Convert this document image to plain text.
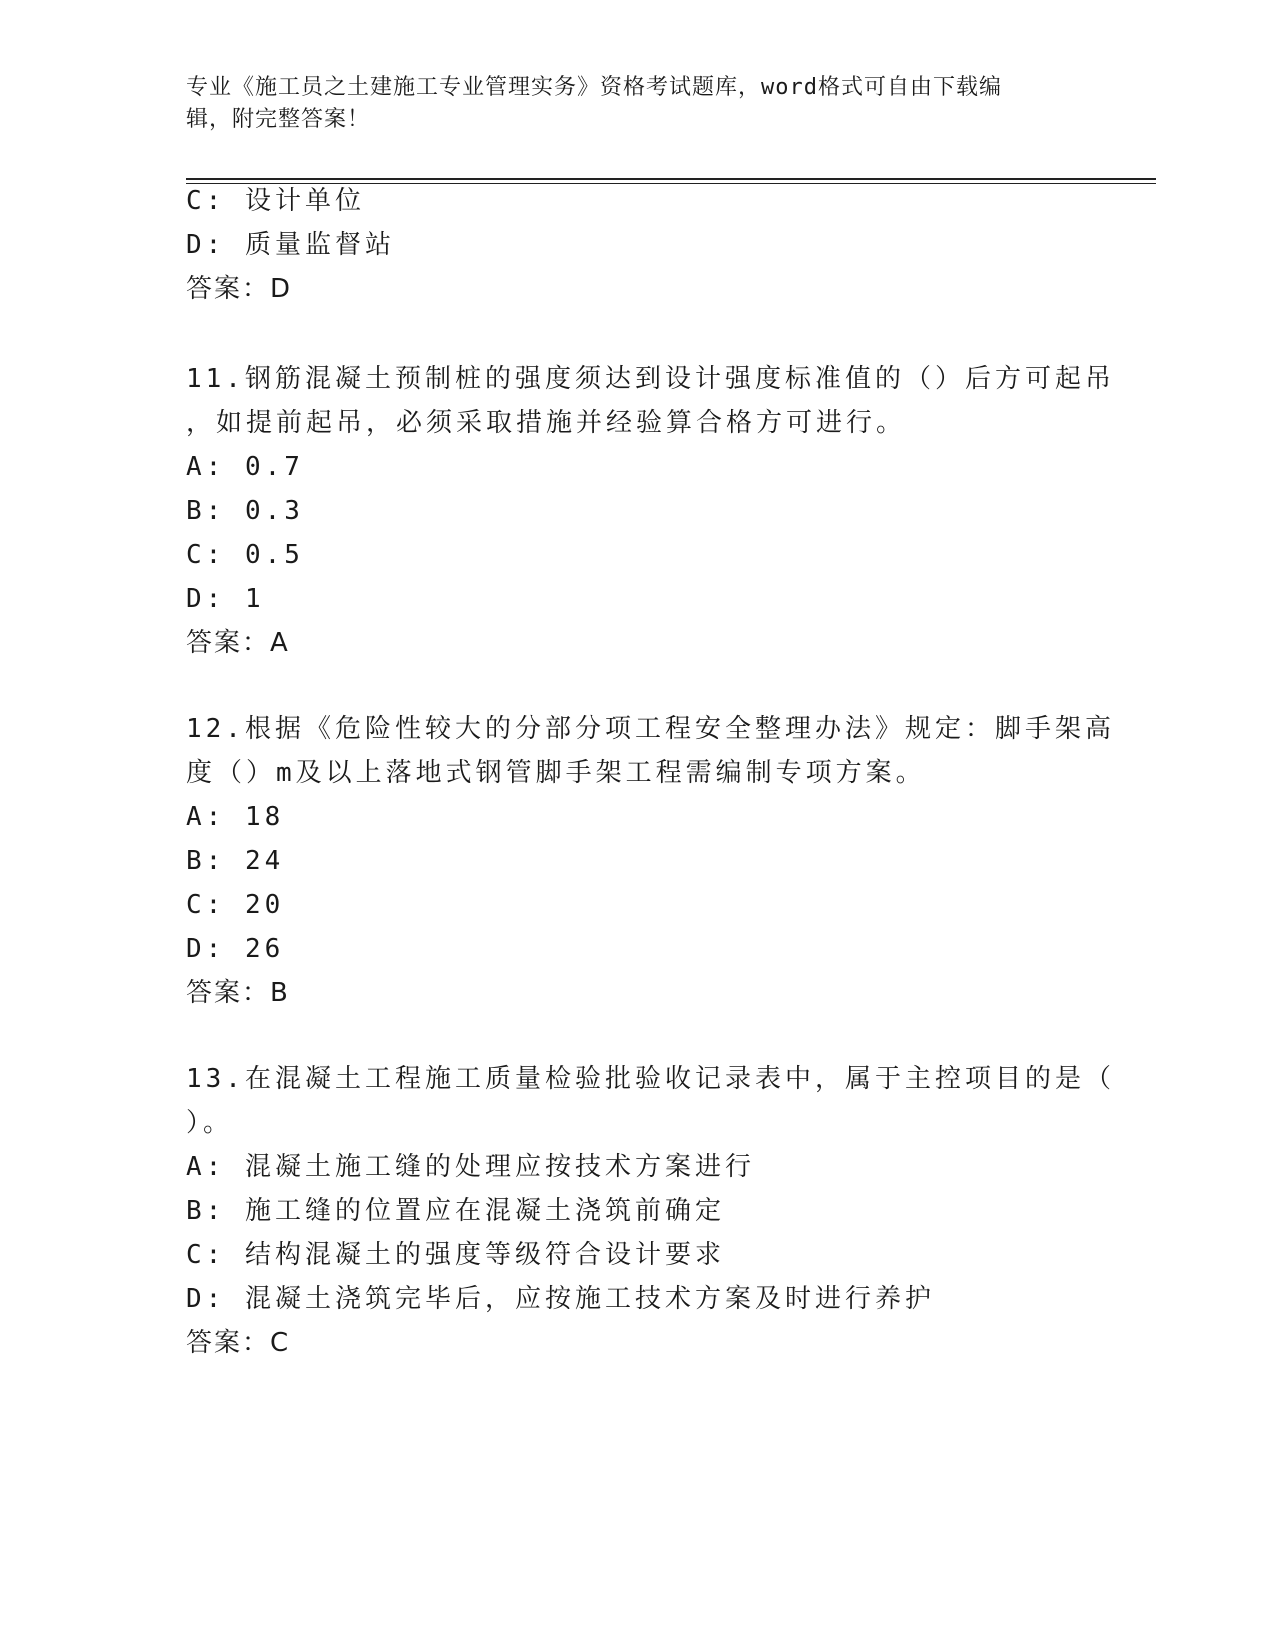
专业《施工员之土建施工专业管理实务》资格考试题库，word格式可自由下载编
辑，附完整答案！
C: 设计单位
D: 质量监督站
答案：D
11.钢筋混凝土预制桩的强度须达到设计强度标准值的（）后方可起吊
，如提前起吊，必须采取措施并经验算合格方可进行。
A: 0.7
B: 0.3
C: 0.5
D: 1
答案：A
12.根据《危险性较大的分部分项工程安全整理办法》规定：脚手架高
度（）m及以上落地式钢管脚手架工程需编制专项方案。
A: 18
B: 24
C: 20
D: 26
答案：B
13.在混凝土工程施工质量检验批验收记录表中，属于主控项目的是（
）。
A: 混凝土施工缝的处理应按技术方案进行
B: 施工缝的位置应在混凝土浇筑前确定
C: 结构混凝土的强度等级符合设计要求
D: 混凝土浇筑完毕后，应按施工技术方案及时进行养护
答案：C
